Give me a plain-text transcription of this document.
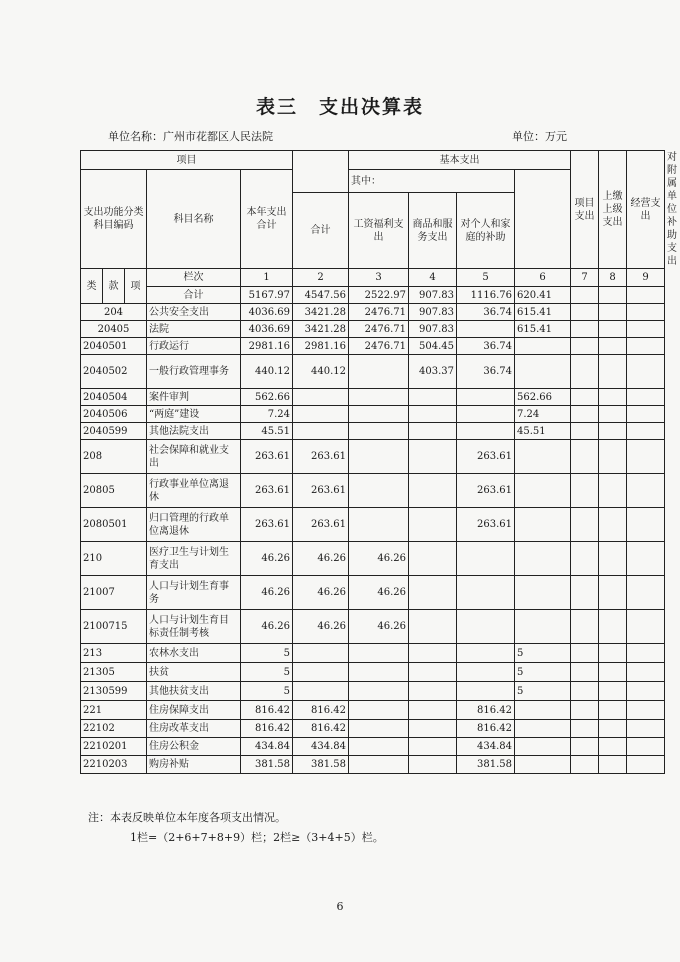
表三　支出决算表
单位名称：广州市花都区人民法院	单位：万元
项目						基本支出				项目支出	上缴上级支出	经营支出	对附属单位补助支出
支出功能分类科目编码			科目名称	本年支出合计		其中：							
					合计	工资福利支出	商品和服务支出	对个人和家庭的补助					
类	款	项	栏次	1	2	3	4	5	6	7	8	9	
			合计	5167.97	4547.56	2522.97	907.83	1116.76	620.41				
204			公共安全支出	4036.69	3421.28	2476.71	907.83	36.74	615.41				
20405			法院	4036.69	3421.28	2476.71	907.83		615.41				
2040501			行政运行	2981.16	2981.16	2476.71	504.45	36.74					
2040502			一般行政管理事务	440.12	440.12		403.37	36.74					
2040504			案件审判	562.66					562.66				
2040506			“两庭”建设	7.24					7.24				
2040599			其他法院支出	45.51					45.51				
208			社会保障和就业支出	263.61	263.61			263.61					
20805			行政事业单位离退休	263.61	263.61			263.61					
2080501			归口管理的行政单位离退休	263.61	263.61			263.61					
210			医疗卫生与计划生育支出	46.26	46.26	46.26							
21007			人口与计划生育事务	46.26	46.26	46.26							
2100715			人口与计划生育目标责任制考核	46.26	46.26	46.26							
213			农林水支出	5					5				
21305			扶贫	5					5				
2130599			其他扶贫支出	5					5				
221			住房保障支出	816.42	816.42			816.42					
22102			住房改革支出	816.42	816.42			816.42					
2210201			住房公积金	434.84	434.84			434.84					
2210203			购房补贴	381.58	381.58			381.58					
注：本表反映单位本年度各项支出情况。
1栏=（2+6+7+8+9）栏；2栏≥（3+4+5）栏。
6
